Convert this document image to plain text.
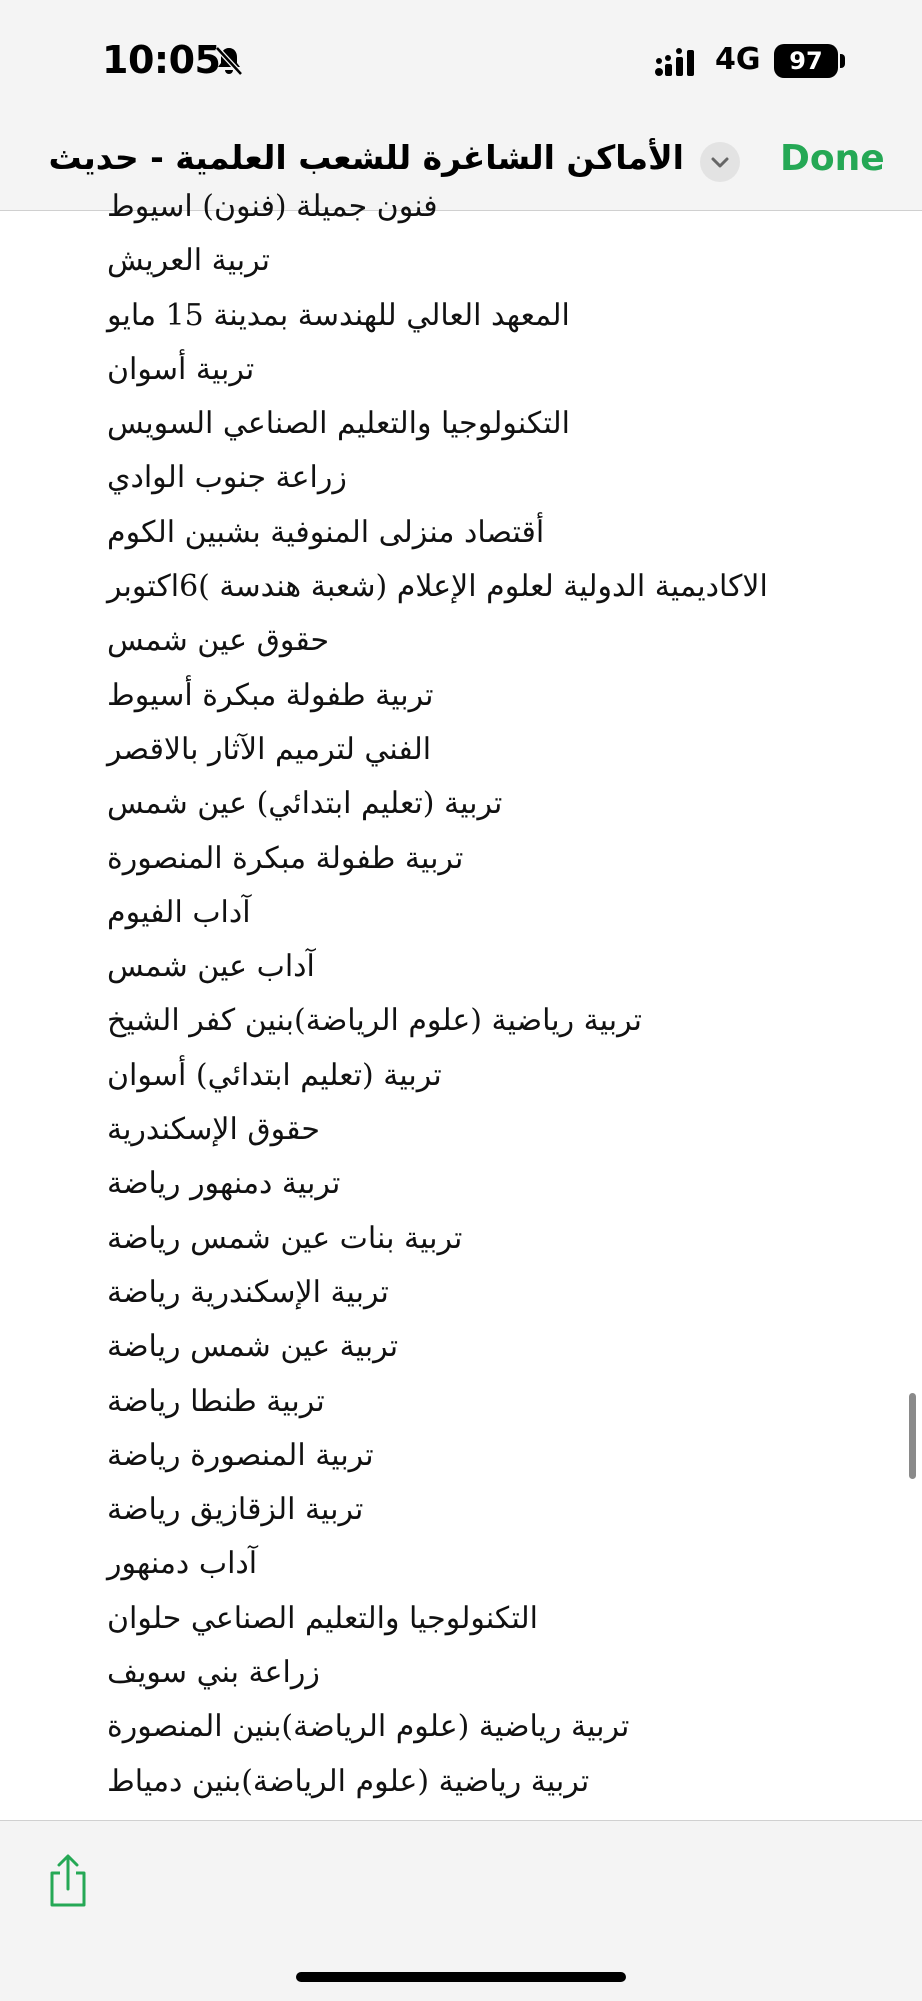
10:05	4G	97
الأماكن الشاغرة للشعب العلمية - حديث	Done
فنون جميلة (فنون) اسيوط
تربية العريش
المعهد العالي للهندسة بمدينة 15 مايو
تربية أسوان
التكنولوجيا والتعليم الصناعي السويس
زراعة جنوب الوادي
أقتصاد منزلى المنوفية بشبين الكوم
الاكاديمية الدولية لعلوم الإعلام (شعبة هندسة )6اكتوبر
حقوق عين شمس
تربية طفولة مبكرة أسيوط
الفني لترميم الآثار بالاقصر
تربية (تعليم ابتدائي) عين شمس
تربية طفولة مبكرة المنصورة
آداب الفيوم
آداب عين شمس
تربية رياضية (علوم الرياضة)بنين كفر الشيخ
تربية (تعليم ابتدائي) أسوان
حقوق الإسكندرية
تربية دمنهور رياضة
تربية بنات عين شمس رياضة
تربية الإسكندرية رياضة
تربية عين شمس رياضة
تربية طنطا رياضة
تربية المنصورة رياضة
تربية الزقازيق رياضة
آداب دمنهور
التكنولوجيا والتعليم الصناعي حلوان
زراعة بني سويف
تربية رياضية (علوم الرياضة)بنين المنصورة
تربية رياضية (علوم الرياضة)بنين دمياط
